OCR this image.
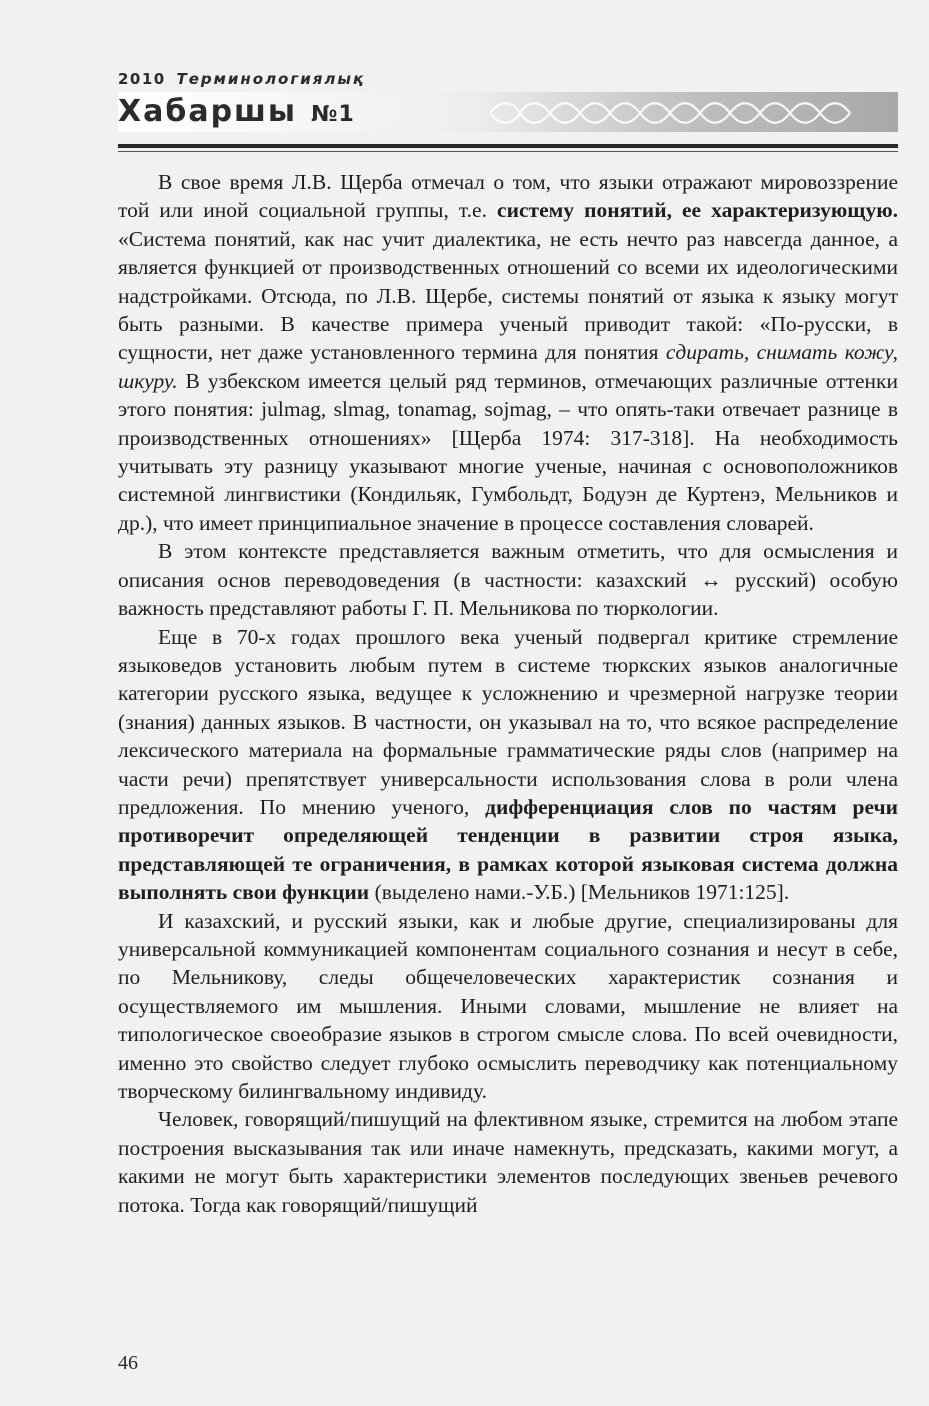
2010 Терминологиялық
Хабаршы №1

В свое время Л.В. Щерба отмечал о том, что языки отражают мировоззрение той или иной социальной группы, т.е. систему понятий, ее характеризующую. «Система понятий, как нас учит диалектика, не есть нечто раз навсегда данное, а является функцией от производственных отношений со всеми их идеологическими надстройками. Отсюда, по Л.В. Щербе, системы понятий от языка к языку могут быть разными. В качестве примера ученый приводит такой: «По-русски, в сущности, нет даже установленного термина для понятия сдирать, снимать кожу, шкуру. В узбекском имеется целый ряд терминов, отмечающих различные оттенки этого понятия: julmag, slmag, tonamag, sojmag, – что опять-таки отвечает разнице в производственных отношениях» [Щерба 1974: 317-318]. На необходимость учитывать эту разницу указывают многие ученые, начиная с основоположников системной лингвистики (Кондильяк, Гумбольдт, Бодуэн де Куртенэ, Мельников и др.), что имеет принципиальное значение в процессе составления словарей.

В этом контексте представляется важным отметить, что для осмысления и описания основ переводоведения (в частности: казахский ↔ русский) особую важность представляют работы Г. П. Мельникова по тюркологии.

Еще в 70-х годах прошлого века ученый подвергал критике стремление языковедов установить любым путем в системе тюркских языков аналогичные категории русского языка, ведущее к усложнению и чрезмерной нагрузке теории (знания) данных языков. В частности, он указывал на то, что всякое распределение лексического материала на формальные грамматические ряды слов (например на части речи) препятствует универсальности использования слова в роли члена предложения. По мнению ученого, дифференциация слов по частям речи противоречит определяющей тенденции в развитии строя языка, представляющей те ограничения, в рамках которой языковая система должна выполнять свои функции (выделено нами.-У.Б.) [Мельников 1971:125].

И казахский, и русский языки, как и любые другие, специализированы для универсальной коммуникацией компонентам социального сознания и несут в себе, по Мельникову, следы общечеловеческих характеристик сознания и осуществляемого им мышления. Иными словами, мышление не влияет на типологическое своеобразие языков в строгом смысле слова. По всей очевидности, именно это свойство следует глубоко осмыслить переводчику как потенциальному творческому билингвальному индивиду.

Человек, говорящий/пишущий на флективном языке, стремится на любом этапе построения высказывания так или иначе намекнуть, предсказать, какими могут, а какими не могут быть характеристики элементов последующих звеньев речевого потока. Тогда как говорящий/пишущий

46
